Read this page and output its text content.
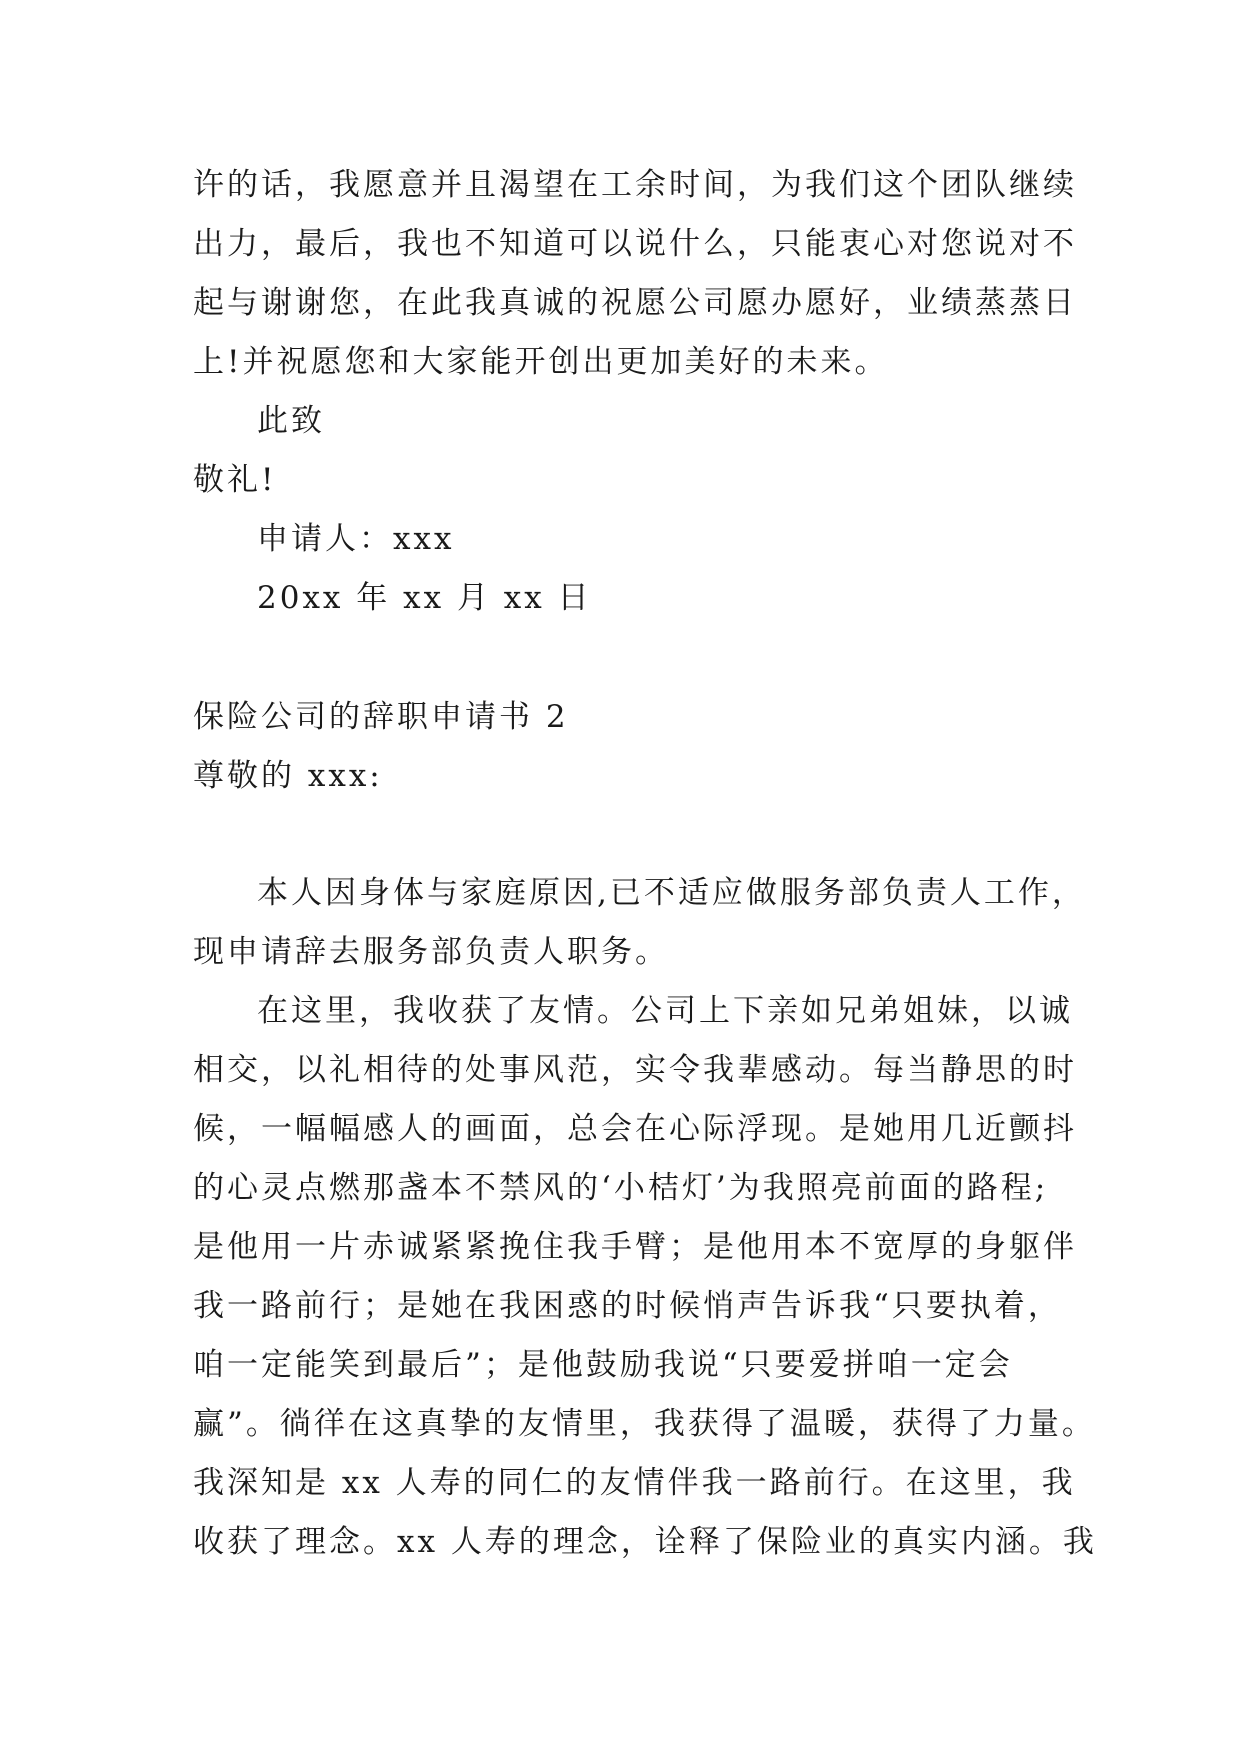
许的话，我愿意并且渴望在工余时间，为我们这个团队继续
出力，最后，我也不知道可以说什么，只能衷心对您说对不
起与谢谢您，在此我真诚的祝愿公司愿办愿好，业绩蒸蒸日
上!并祝愿您和大家能开创出更加美好的未来。
此致
敬礼!
申请人：xxx
20xx 年 xx 月 xx 日
保险公司的辞职申请书 2
尊敬的 xxx:
本人因身体与家庭原因,已不适应做服务部负责人工作，
现申请辞去服务部负责人职务。
在这里，我收获了友情。公司上下亲如兄弟姐妹，以诚
相交，以礼相待的处事风范，实令我辈感动。每当静思的时
候，一幅幅感人的画面，总会在心际浮现。是她用几近颤抖
的心灵点燃那盏本不禁风的‘小桔灯’为我照亮前面的路程;
是他用一片赤诚紧紧挽住我手臂；是他用本不宽厚的身躯伴
我一路前行；是她在我困惑的时候悄声告诉我“只要执着，
咱一定能笑到最后”；是他鼓励我说“只要爱拼咱一定会
赢”。徜徉在这真挚的友情里，我获得了温暖，获得了力量。
我深知是 xx 人寿的同仁的友情伴我一路前行。在这里，我
收获了理念。xx 人寿的理念，诠释了保险业的真实内涵。我
